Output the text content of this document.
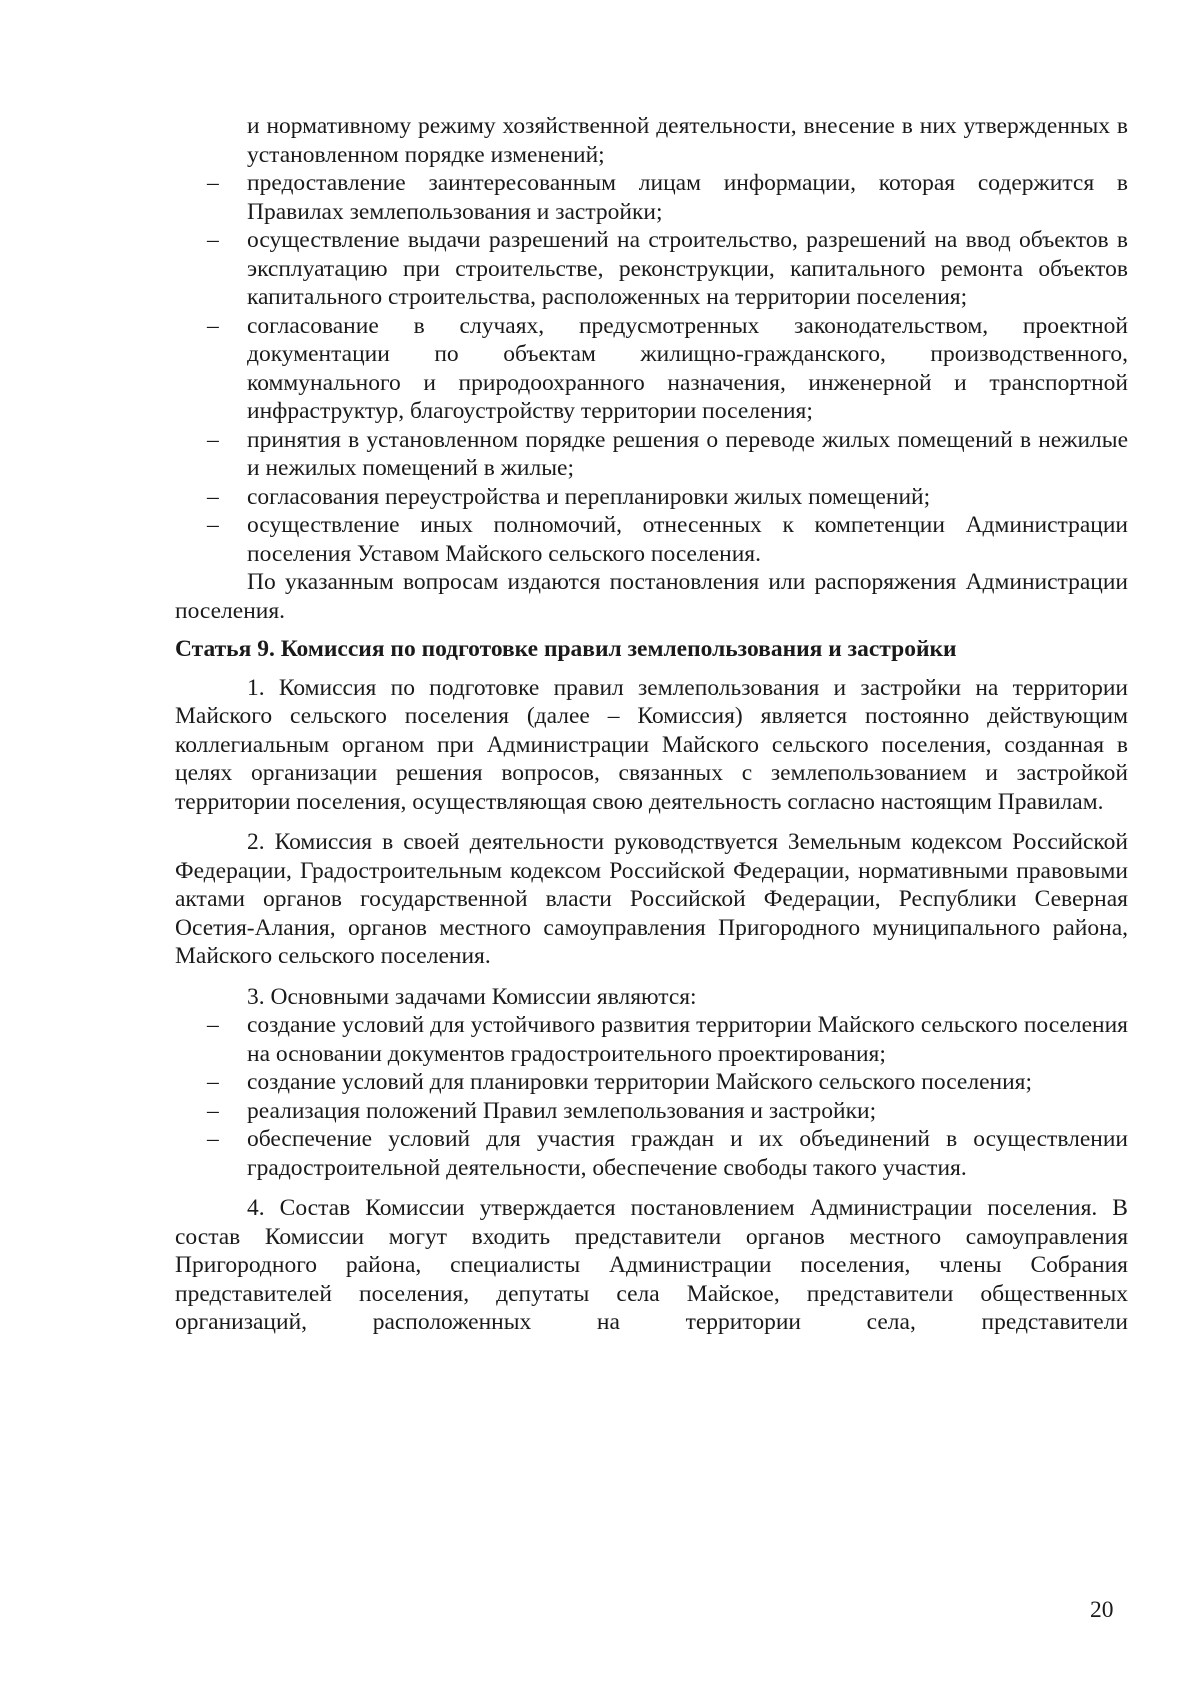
и нормативному режиму хозяйственной деятельности, внесение в них утвержденных в установленном порядке изменений;

– предоставление заинтересованным лицам информации, которая содержится в Правилах землепользования и застройки;

– осуществление выдачи разрешений на строительство, разрешений на ввод объектов в эксплуатацию при строительстве, реконструкции, капитального ремонта объектов капитального строительства, расположенных на территории поселения;

– согласование в случаях, предусмотренных законодательством, проектной документации по объектам жилищно-гражданского, производственного, коммунального и природоохранного назначения, инженерной и транспортной инфраструктур, благоустройству территории поселения;

– принятия в установленном порядке решения о переводе жилых помещений в нежилые и нежилых помещений в жилые;

– согласования переустройства и перепланировки жилых помещений;

– осуществление иных полномочий, отнесенных к компетенции Администрации поселения Уставом Майского сельского поселения.

По указанным вопросам издаются постановления или распоряжения Администрации поселения.

Статья 9. Комиссия по подготовке правил землепользования и застройки

1. Комиссия по подготовке правил землепользования и застройки на территории Майского сельского поселения (далее – Комиссия) является постоянно действующим коллегиальным органом при Администрации Майского сельского поселения, созданная в целях организации решения вопросов, связанных с землепользованием и застройкой территории поселения, осуществляющая свою деятельность согласно настоящим Правилам.

2. Комиссия в своей деятельности руководствуется Земельным кодексом Российской Федерации, Градостроительным кодексом Российской Федерации, нормативными правовыми актами органов государственной власти Российской Федерации, Республики Северная Осетия-Алания, органов местного самоуправления Пригородного муниципального района, Майского сельского поселения.

3. Основными задачами Комиссии являются:

– создание условий для устойчивого развития территории Майского сельского поселения на основании документов градостроительного проектирования;

– создание условий для планировки территории Майского сельского поселения;

– реализация положений Правил землепользования и застройки;

– обеспечение условий для участия граждан и их объединений в осуществлении градостроительной деятельности, обеспечение свободы такого участия.

4. Состав Комиссии утверждается постановлением Администрации поселения. В состав Комиссии могут входить представители органов местного самоуправления Пригородного района, специалисты Администрации поселения, члены Собрания представителей поселения, депутаты села Майское, представители общественных организаций, расположенных на территории села, представители

20
